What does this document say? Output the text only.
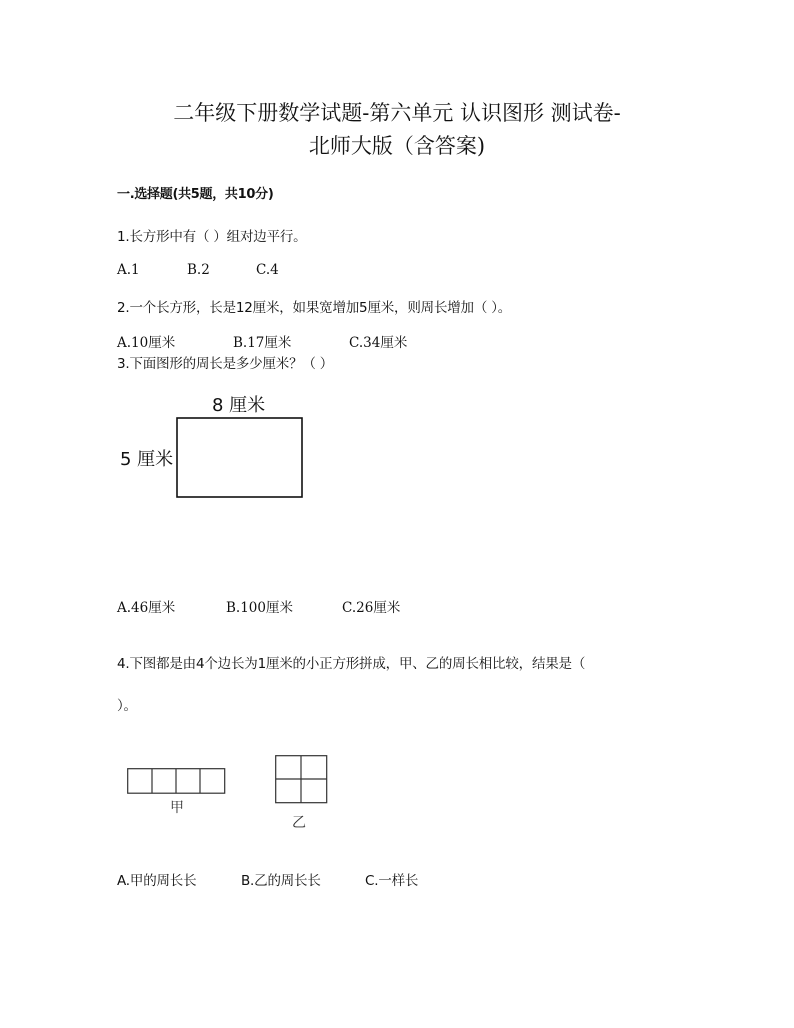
二年级下册数学试题-第六单元 认识图形 测试卷-
北师大版（含答案)
一.选择题(共5题，共10分)
1.长方形中有（ ）组对边平行。
A.1	B.2	C.4
2.一个长方形，长是12厘米，如果宽增加5厘米，则周长增加（ ）。
A.10厘米	B.17厘米	C.34厘米
3.下面图形的周长是多少厘米？（ ）
8 厘米
5 厘米
A.46厘米	B.100厘米	C.26厘米
4.下图都是由4个边长为1厘米的小正方形拼成，甲、乙的周长相比较，结果是（
）。
甲
乙
A.甲的周长长	B.乙的周长长	C.一样长
